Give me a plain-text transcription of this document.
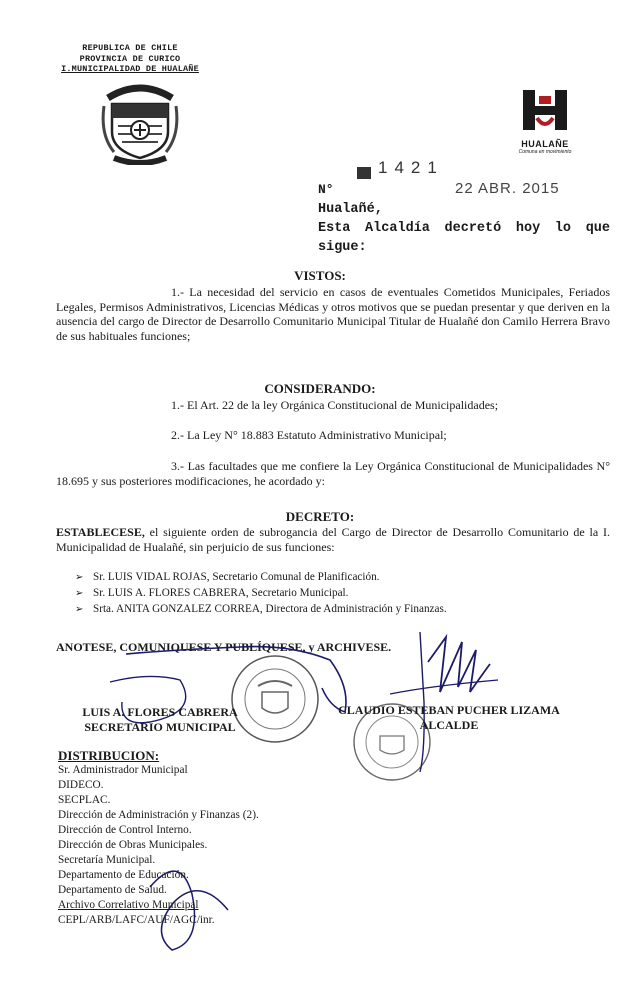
REPUBLICA DE CHILE
PROVINCIA DE CURICO
I.MUNICIPALIDAD DE HUALAÑE
HUALAÑE
Comuna en movimiento
1421
22 ABR. 2015
N°
Hualañé,
Esta Alcaldía decretó hoy lo que sigue:
VISTOS:
1.- La necesidad del servicio en casos de eventuales Cometidos Municipales, Feriados Legales, Permisos Administrativos, Licencias Médicas y otros motivos que se puedan presentar y que deriven en la ausencia del cargo de Director de Desarrollo Comunitario Municipal Titular de Hualañé don Camilo Herrera Bravo de sus habituales funciones;
CONSIDERANDO:
1.- El Art. 22 de la ley Orgánica Constitucional de Municipalidades;
2.- La Ley N° 18.883 Estatuto Administrativo Municipal;
3.- Las facultades que me confiere la Ley Orgánica Constitucional de Municipalidades N° 18.695 y sus posteriores modificaciones, he acordado y:
DECRETO:
ESTABLECESE, el siguiente orden de subrogancia del Cargo de Director de Desarrollo Comunitario de la I. Municipalidad de Hualañé, sin perjuicio de sus funciones:
➢ Sr. LUIS VIDAL ROJAS, Secretario Comunal de Planificación.
➢ Sr. LUIS A. FLORES CABRERA, Secretario Municipal.
➢ Srta. ANITA GONZALEZ CORREA, Directora de Administración y Finanzas.
ANOTESE, COMUNIQUESE Y PUBLÍQUESE, y ARCHIVESE.
LUIS A. FLORES CABRERA
SECRETARIO MUNICIPAL
CLAUDIO ESTEBAN PUCHER LIZAMA
ALCALDE
DISTRIBUCION:
Sr. Administrador Municipal
DIDECO.
SECPLAC.
Dirección de Administración y Finanzas (2).
Dirección de Control Interno.
Dirección de Obras Municipales.
Secretaría Municipal.
Departamento de Educación.
Departamento de Salud.
Archivo Correlativo Municipal
CEPL/ARB/LAFC/AUF/AGC/inr.
